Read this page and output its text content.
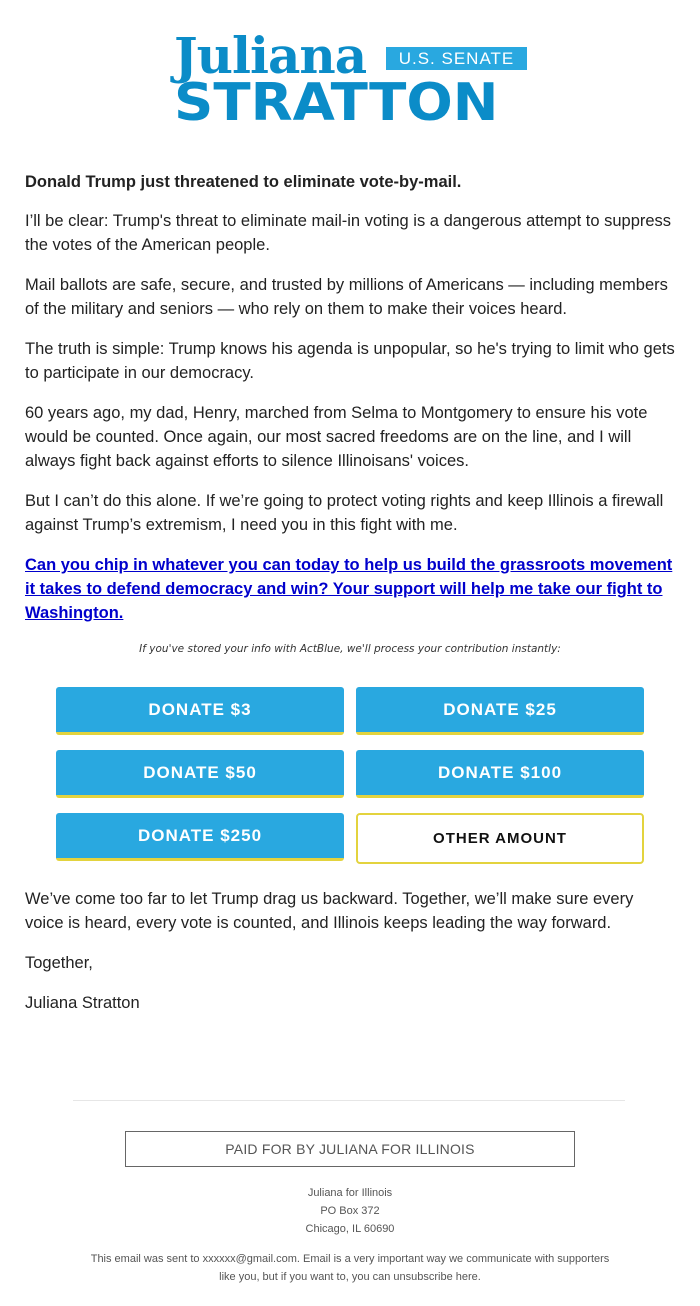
Juliana	U.S. SENATE
STRATTON

Donald Trump just threatened to eliminate vote-by-mail.

I’ll be clear: Trump's threat to eliminate mail-in voting is a dangerous attempt to suppress the votes of the American people.

Mail ballots are safe, secure, and trusted by millions of Americans — including members of the military and seniors — who rely on them to make their voices heard.

The truth is simple: Trump knows his agenda is unpopular, so he's trying to limit who gets to participate in our democracy.

60 years ago, my dad, Henry, marched from Selma to Montgomery to ensure his vote would be counted. Once again, our most sacred freedoms are on the line, and I will always fight back against efforts to silence Illinoisans' voices.

But I can’t do this alone. If we’re going to protect voting rights and keep Illinois a firewall against Trump’s extremism, I need you in this fight with me.

Can you chip in whatever you can today to help us build the grassroots movement it takes to defend democracy and win? Your support will help me take our fight to Washington.
If you've stored your info with ActBlue, we'll process your contribution instantly:
DONATE $3	DONATE $25
DONATE $50	DONATE $100
DONATE $250	OTHER AMOUNT

We’ve come too far to let Trump drag us backward. Together, we’ll make sure every voice is heard, every vote is counted, and Illinois keeps leading the way forward.

Together,

Juliana Stratton

PAID FOR BY JULIANA FOR ILLINOIS
Juliana for Illinois
PO Box 372
Chicago, IL 60690
This email was sent to xxxxxx@gmail.com. Email is a very important way we communicate with supporters like you, but if you want to, you can unsubscribe here.
